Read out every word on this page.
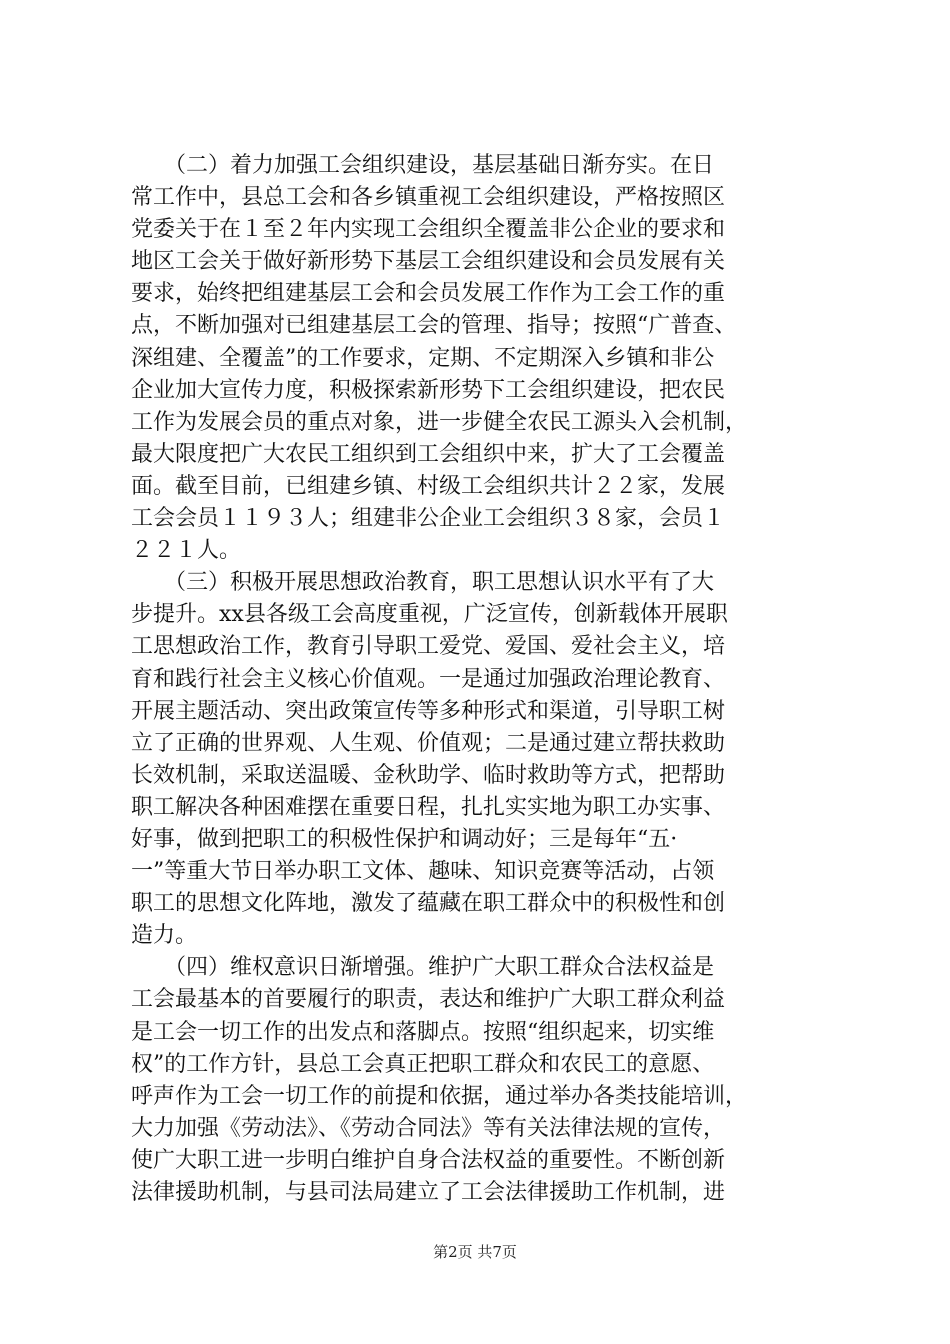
　　（二）着力加强工会组织建设，基层基础日渐夯实。在日
常工作中，县总工会和各乡镇重视工会组织建设，严格按照区
党委关于在１至２年内实现工会组织全覆盖非公企业的要求和
地区工会关于做好新形势下基层工会组织建设和会员发展有关
要求，始终把组建基层工会和会员发展工作作为工会工作的重
点，不断加强对已组建基层工会的管理、指导；按照“广普查、
深组建、全覆盖”的工作要求，定期、不定期深入乡镇和非公
企业加大宣传力度，积极探索新形势下工会组织建设，把农民
工作为发展会员的重点对象，进一步健全农民工源头入会机制，
最大限度把广大农民工组织到工会组织中来，扩大了工会覆盖
面。截至目前，已组建乡镇、村级工会组织共计２２家，发展
工会会员１１９３人；组建非公企业工会组织３８家，会员１
２２１人。
　　（三）积极开展思想政治教育，职工思想认识水平有了大
步提升。xx县各级工会高度重视，广泛宣传，创新载体开展职
工思想政治工作，教育引导职工爱党、爱国、爱社会主义，培
育和践行社会主义核心价值观。一是通过加强政治理论教育、
开展主题活动、突出政策宣传等多种形式和渠道，引导职工树
立了正确的世界观、人生观、价值观；二是通过建立帮扶救助
长效机制，采取送温暖、金秋助学、临时救助等方式，把帮助
职工解决各种困难摆在重要日程，扎扎实实地为职工办实事、
好事，做到把职工的积极性保护和调动好；三是每年“五·
一”等重大节日举办职工文体、趣味、知识竞赛等活动，占领
职工的思想文化阵地，激发了蕴藏在职工群众中的积极性和创
造力。
　　（四）维权意识日渐增强。维护广大职工群众合法权益是
工会最基本的首要履行的职责，表达和维护广大职工群众利益
是工会一切工作的出发点和落脚点。按照“组织起来，切实维
权”的工作方针，县总工会真正把职工群众和农民工的意愿、
呼声作为工会一切工作的前提和依据，通过举办各类技能培训，
大力加强《劳动法》、《劳动合同法》等有关法律法规的宣传，
使广大职工进一步明白维护自身合法权益的重要性。不断创新
法律援助机制，与县司法局建立了工会法律援助工作机制，进
第2页 共7页
